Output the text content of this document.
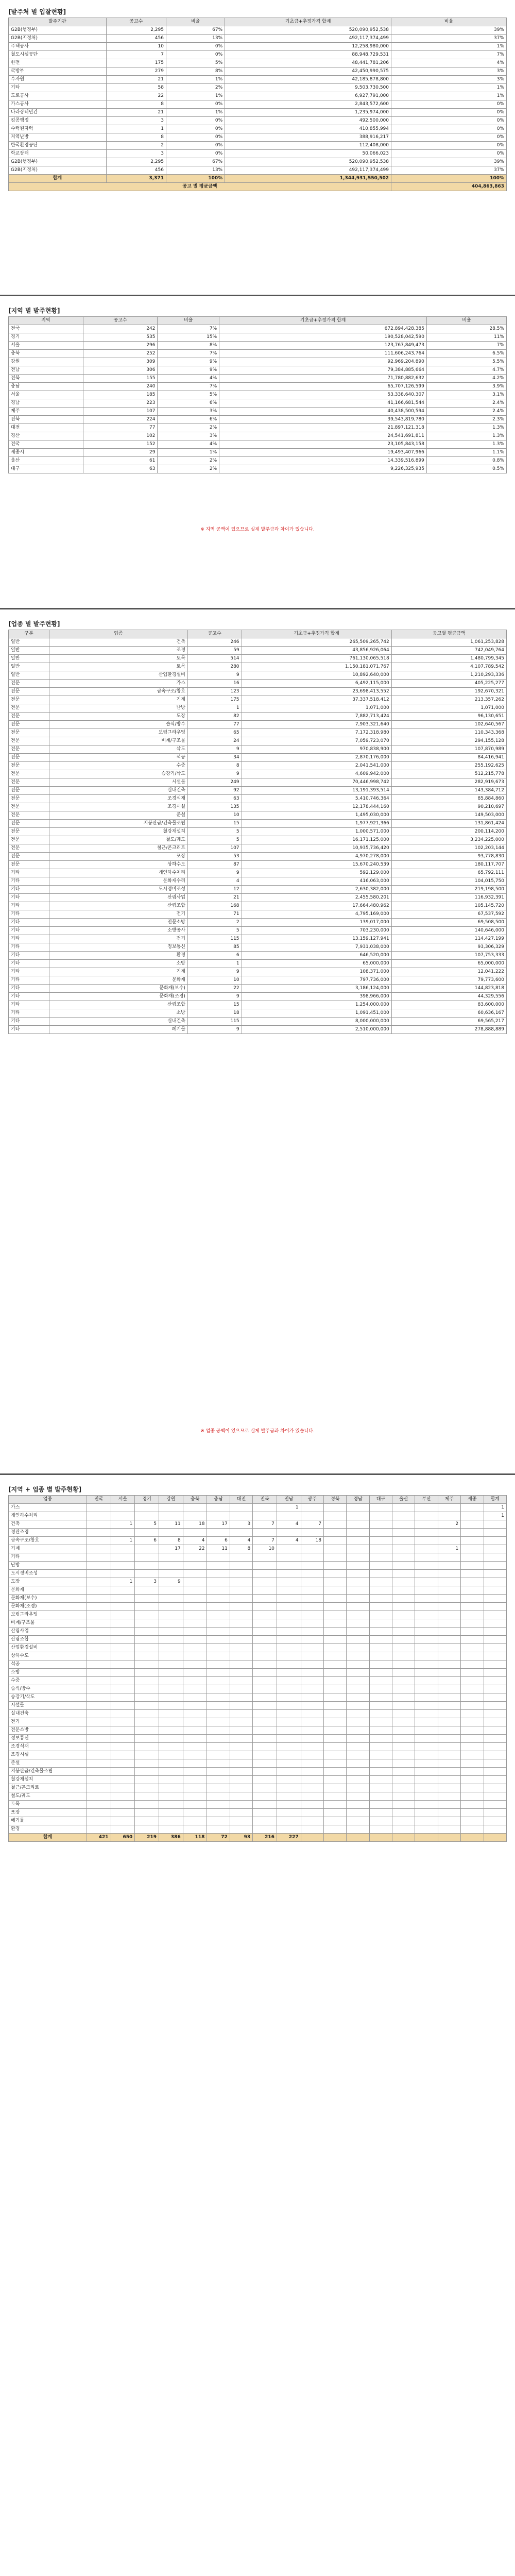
[발주처 별 입찰현황]
발주기관	공고수	비율	기초금+추정가격 합계	비율
G2B(행정부)	2,295	67%	520,090,952,538	39%
G2B(지정처)	456	13%	492,117,374,499	37%
주택공사	10	0%	12,258,980,000	1%
철도시설공단	7	0%	88,948,729,531	7%
한전	175	5%	48,441,781,206	4%
국방부	279	8%	42,450,990,575	3%
수자원	21	1%	42,185,878,800	3%
기타	58	2%	9,503,730,500	1%
도로공사	22	1%	6,927,791,000	1%
가스공사	8	0%	2,843,572,600	0%
나라장터민간	21	1%	1,235,974,000	0%
킹콩행정	3	0%	492,500,000	0%
수력원자력	1	0%	410,855,994	0%
지역난방	8	0%	388,916,217	0%
한국환경공단	2	0%	112,408,000	0%
학교장터	3	0%	50,066,023	0%
G2B(행정부)	2,295	67%	520,090,952,538	39%
G2B(지정처)	456	13%	492,117,374,499	37%
합계	3,371	100%	1,344,931,550,502	100%
공고 별 평균금액				404,863,863
[지역 별 발주현황]
지역	공고수	비율	기초금+추정가격 합계	비율
전국	242	7%	672,894,428,385	28.5%
경기	535	15%	190,528,042,590	11%
서울	296	8%	123,767,849,473	7%
충북	252	7%	111,606,243,764	6.5%
강원	309	9%	92,969,204,890	5.5%
전남	306	9%	79,384,885,664	4.7%
전북	155	4%	71,780,882,632	4.2%
충남	240	7%	65,707,126,599	3.9%
서울	185	5%	53,338,640,307	3.1%
경남	223	6%	41,166,681,544	2.4%
제주	107	3%	40,438,500,594	2.4%
전북	224	6%	39,543,819,780	2.3%
대전	77	2%	21,897,121,318	1.3%
경산	102	3%	24,541,691,811	1.3%
전국	152	4%	23,105,843,158	1.3%
세종시	29	1%	19,493,407,966	1.1%
울산	61	2%	14,339,516,899	0.8%
대구	63	2%	9,226,325,935	0.5%
※ 지역 공백이 있으므로 실제 발주금과 차이가 있습니다.
[업종 별 발주현황]
구분	업종	공고수	기초금+추정가격 합계	공고별 평균금액
일반	건축	246	265,509,265,742	1,061,253,828
일반	조경	59	43,856,926,064	742,049,764
일반	토목	514	761,130,065,518	1,480,799,345
일반	토목	280	1,150,181,071,767	4,107,789,542
일반	산업환경설비	9	10,892,640,000	1,210,293,336
전문	가스	16	6,492,115,000	405,225,277
전문	금속구조/창호	123	23,698,413,552	192,670,321
전문	기계	175	37,337,518,412	213,357,262
전문	난방	1	1,071,000	1,071,000
전문	도장	82	7,882,713,424	96,130,651
전문	습식/방수	77	7,903,321,640	102,640,567
전문	보링그라우팅	65	7,172,318,980	110,343,368
전문	비계/구조물	24	7,059,723,070	294,155,128
전문	삭도	9	970,838,900	107,870,989
전문	석공	34	2,870,176,000	84,416,941
전문	수중	8	2,041,541,000	255,192,625
전문	승강기/삭도	9	4,609,942,000	512,215,778
전문	시설물	249	70,446,998,742	282,919,673
전문	실내건축	92	13,191,393,514	143,384,712
전문	조경식재	63	5,410,746,364	85,884,860
전문	조경시설	135	12,178,444,160	90,210,697
전문	준설	10	1,495,030,000	149,503,000
전문	지붕판금/건축물조립	15	1,977,921,366	131,861,424
전문	철강재설치	5	1,000,571,000	200,114,200
전문	철도/궤도	5	16,171,125,000	3,234,225,000
전문	철근/콘크리트	107	10,935,736,420	102,203,144
전문	포장	53	4,970,278,000	93,778,830
전문	상하수도	87	15,670,240,539	180,117,707
기타	개인하수처리	9	592,129,000	65,792,111
기타	문화재수리	4	416,063,000	104,015,750
기타	도시정비조성	12	2,630,382,000	219,198,500
기타	산림사업	21	2,455,580,201	116,932,391
기타	산림조합	168	17,664,480,962	105,145,720
기타	전기	71	4,795,169,000	67,537,592
기타	전문소방	2	139,017,000	69,508,500
기타	소방공사	5	703,230,000	140,646,000
기타	전기	115	13,159,127,941	114,427,199
기타	정보통신	85	7,931,038,000	93,306,329
기타	환경	6	646,520,000	107,753,333
기타	소방	1	65,000,000	65,000,000
기타	기계	9	108,371,000	12,041,222
기타	문화재	10	797,736,000	79,773,600
기타	문화재(보수)	22	3,186,124,000	144,823,818
기타	문화재(조경)	9	398,966,000	44,329,556
기타	산림조합	15	1,254,000,000	83,600,000
기타	소방	18	1,091,451,000	60,636,167
기타	실내건축	115	8,000,000,000	69,565,217
기타	폐기물	9	2,510,000,000	278,888,889
※ 업종 공백이 있으므로 실제 발주금과 차이가 있습니다.
[지역 + 업종 별 발주현황]
업종	전국	서울	경기	강원	충북	충남	대전	전북	전남	광주	경북	경남	대구	울산	부산	제주	세종	합계
가스									1									1
개인하수처리																		1
건축		1	5	11	18	17	3	7	4	7						2		
경관조경																		
금속구조/창호		1	6	8	4	6	4	7	4	18								
기계				17	22	11	8	10								1		
기타																		
난방																		
도시정비조성																		
도장		1	3	9														
문화재																		
문화재(보수)																		
문화재(조경)																		
보링그라우팅																		
비계/구조물																		
산림사업																		
산림조합																		
산업환경설비																		
상하수도																		
석공																		
소방																		
수중																		
습식/방수																		
승강기/삭도																		
시설물																		
실내건축																		
전기																		
전문소방																		
정보통신																		
조경식재																		
조경시설																		
준설																		
지붕판금/건축물조립																		
철강재설치																		
철근/콘크리트																		
철도/궤도																		
토목																		
포장																		
폐기물																		
환경																		
합계	421	650	219	386	118	72	93	216	227									
